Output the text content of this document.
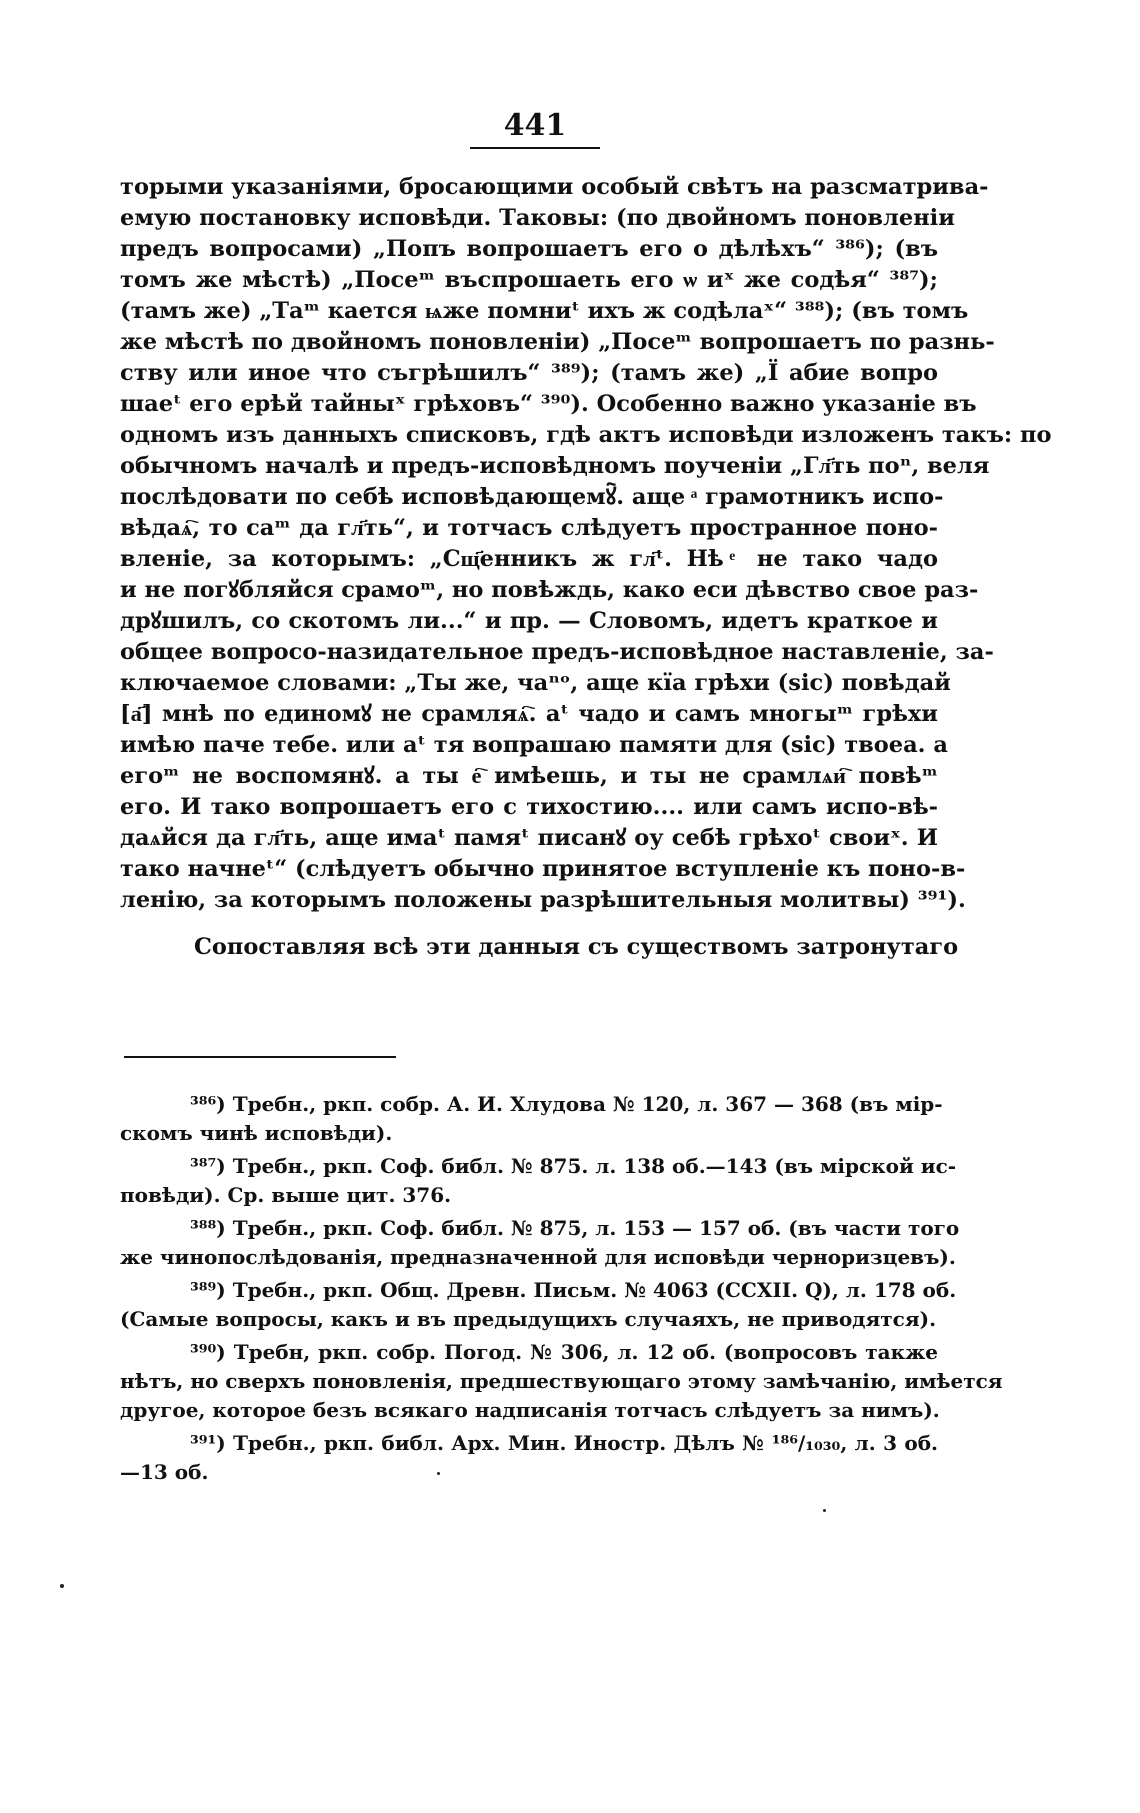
441
торыми указаніями, бросающими особый свѣтъ на разсматрива-
емую постановку исповѣди. Таковы: (по двойномъ поновленіи
предъ вопросами) „Попъ вопрошаетъ его о дѣлѣхъ“ ³⁸⁶); (въ
томъ же мѣстѣ) „Посеᵐ въспрошаеть его ѡ иˣ же содѣя“ ³⁸⁷);
(тамъ же) „Таᵐ кается ѩже помниᵗ ихъ ж содѣлаˣ“ ³⁸⁸); (въ томъ
же мѣстѣ по двойномъ поновленіи) „Посеᵐ вопрошаетъ по разнь-
ству или иное что съгрѣшилъ“ ³⁸⁹); (тамъ же) „Ї абие вопро
шаеᵗ его ерѣй тайныˣ грѣховъ“ ³⁹⁰). Особенно важно указаніе въ
одномъ изъ данныхъ списковъ, гдѣ актъ исповѣди изложенъ такъ: по
обычномъ началѣ и предъ-исповѣдномъ поученіи „Гл҃ть поⁿ, веля
послѣдовати по себѣ исповѣдающемꙋ҇. аще ͣ грамотникъ испо-
вѣдаѧ҇, то саᵐ да гл҃ть“, и тотчасъ слѣдуетъ пространное поно-
вленіе, за которымъ: „Сщ҃енникъ ж гл҃ᵗ. Нѣ ͤ не тако чадо
и не погꙋбляйся срамоᵐ, но повѣждь, како еси дѣвство свое раз-
дрꙋшилъ, со скотомъ ли...“ и пр. — Словомъ, идетъ краткое и
общее вопросо-назидательное предъ-исповѣдное наставленіе, за-
ключаемое словами: „Ты же, чаⁿᵒ, аще кїа грѣхи (sic) повѣдай
[а҃] мнѣ по единомꙋ не срамляѧ҇. аᵗ чадо и самъ многыᵐ грѣхи
имѣю паче тебе. или аᵗ тя вопрашаю памяти для (sic) твоеа. а
егоᵐ не воспомянꙋ. а ты е҇ имѣешь, и ты не срамлѧи҇ повѣᵐ
его. И тако вопрошаетъ его с тихостию.... или самъ испо-вѣ-
даѧйся да гл҃ть, аще имаᵗ памяᵗ писанꙋ оу себѣ грѣхоᵗ своиˣ. И
тако начнеᵗ“ (слѣдуетъ обычно принятое вступленіе къ поно-в-
ленію, за которымъ положены разрѣшительныя молитвы) ³⁹¹).
Сопоставляя всѣ эти данныя съ существомъ затронутаго
³⁸⁶) Требн., ркп. собр. А. И. Хлудова № 120, л. 367 — 368 (въ мір-
скомъ чинѣ исповѣди).
³⁸⁷) Требн., ркп. Соф. библ. № 875. л. 138 об.—143 (въ мірской ис-
повѣди). Ср. выше цит. 376.
³⁸⁸) Требн., ркп. Соф. библ. № 875, л. 153 — 157 об. (въ части того
же чинопослѣдованія, предназначенной для исповѣди черноризцевъ).
³⁸⁹) Требн., ркп. Общ. Древн. Письм. № 4063 (CCXII. Q), л. 178 об.
(Самые вопросы, какъ и въ предыдущихъ случаяхъ, не приводятся).
³⁹⁰) Требн, ркп. собр. Погод. № 306, л. 12 об. (вопросовъ также
нѣтъ, но сверхъ поновленія, предшествующаго этому замѣчанію, имѣется
другое, которое безъ всякаго надписанія тотчасъ слѣдуетъ за нимъ).
³⁹¹) Требн., ркп. библ. Арх. Мин. Иностр. Дѣлъ № ¹⁸⁶/₁₀₃₀, л. 3 об.
—13 об.
